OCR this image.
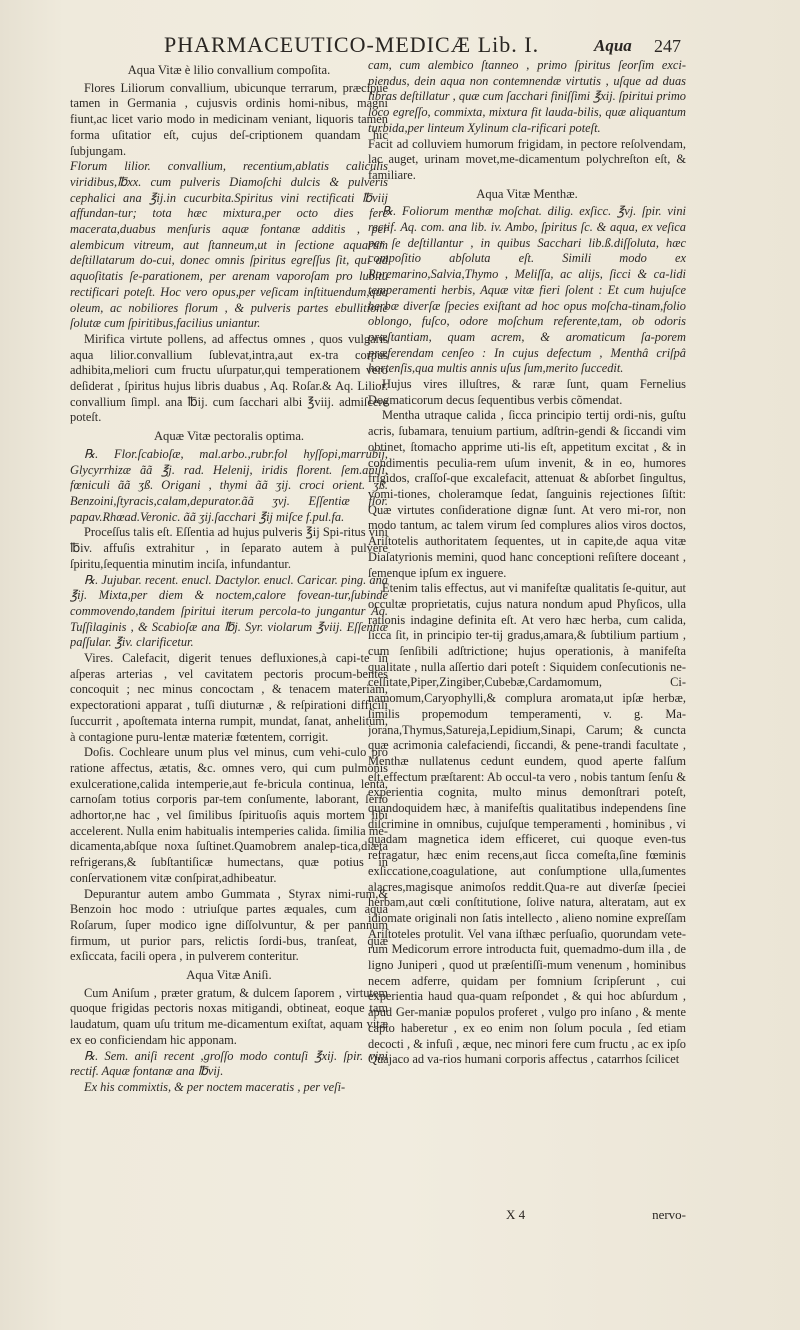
PHARMACEUTICO-MEDICÆ Lib. I.	Aqua 247

Aqua Vitæ è lilio convallium compoſita.

Flores Liliorum convallium, ubicunque terrarum, præcipue tamen in Germania , cujusvis ordinis homi-nibus, magni fiunt,ac licet vario modo in medicinam veniant, liquoris tamen forma uſitatior eſt, cujus deſ-criptionem quandam hic ſubjungam.

Florum lilior. convallium, recentium,ablatis caliculis viridibus,℔xx. cum pulveris Diamoſchi dulcis & pulveris cephalici ana ℥ij.in cucurbita.Spiritus vini rectificati ℔viij affundan-tur; tota hæc mixtura,per octo dies fere macerata,duabus menſuris aquæ fontanæ additis , per alembicum vitreum, aut ſtanneum,ut in ſectione aquarum deſtillatarum do-cui, donec omnis ſpiritus egreſſus ſit, qui ad aquoſitatis ſe-parationem, per arenam vaporoſam pro lubitu rectificari poteſt. Hoc vero opus,per veſicam inſtituendum,quo oleum, ac nobiliores florum , & pulveris partes ebullitione ſolutæ cum ſpiritibus,facilius uniantur.

Mirifica virtute pollens, ad affectus omnes , quos vulgaris aqua lilior.convallium ſublevat,intra,aut ex-tra corpus adhibita,meliori cum fructu uſurpatur,qui temperationem vero deſiderat , ſpiritus hujus libris duabus , Aq. Roſar.& Aq. Lilior. convallium ſimpl. ana ℔ij. cum ſacchari albi ℥viij. admiſcere poteſt.

Aquæ Vitæ pectoralis optima.

℞. Flor.ſcabioſæ, mal.arbo.,rubr.fol hyſſopi,marrubij, Glycyrrhizæ ãã ℥j. rad. Helenij, iridis florent. ſem.aniſi, fœniculi ãã ʒß. Origani , thymi ãã ʒij. croci orient. ʒß. Benzoini,ſtyracis,calam,depurator.ãã ʒvj. Eſſentiæ flor. papav.Rhœad.Veronic. ãã ʒij.ſacchari ℥ij miſce f.pul.fa.

Proceſſus talis eſt. Eſſentia ad hujus pulveris ℥ij Spi-ritus vini ℔iv. affuſis extrahitur , in ſeparato autem à pulvere ſpiritu,ſequentia minutim inciſa, infundantur.

℞. Jujubar. recent. enucl. Dactylor. enucl. Caricar. ping. ana ℥ij. Mixta,per diem & noctem,calore fovean-tur,ſubinde commovendo,tandem ſpiritui iterum percola-to jungantur Aq. Tuſſilaginis , & Scabioſæ ana ℔j. Syr. violarum ℥viij. Eſſentiæ paſſular. ℥iv. clarificetur.

Vires. Calefacit, digerit tenues defluxiones,à capi-te in aſperas arterias , vel cavitatem pectoris procum-bentes concoquit ; nec minus concoctam , & tenacem materiam, expectorationi apparat , tuſſi diuturnæ , & reſpirationi difficili ſuccurrit , apoſtemata interna rumpit, mundat, ſanat, anhelitum, à contagione puru-lentæ materiæ fœtentem, corrigit.

Doſis. Cochleare unum plus vel minus, cum vehi-culo pro ratione affectus, ætatis, &c. omnes vero, qui cum pulmonis exulceratione,calida intemperie,aut fe-bricula continua, lenta, carnoſam totius corporis par-tem conſumente, laborant, ſerio adhortor,ne hac , vel ſimilibus ſpirituoſis aquis mortem ſibi accelerent. Nulla enim habitualis intemperies calida. ſimilia me-dicamenta,abſque noxa ſuſtinet.Quamobrem analep-tica,diæta refrigerans,& ſubſtantiſicæ humectans, quæ potius in conſervationem vitæ conſpirat,adhibeatur.

Depurantur autem ambo Gummata , Styrax nimi-rum,& Benzoin hoc modo : utriuſque partes æquales, cum aqua Roſarum, ſuper modico igne diſſolvuntur, & per pannum firmum, ut purior pars, relictis ſordi-bus, tranſeat, quæ exſiccata, facili opera , in pulverem conteritur.

Aqua Vitæ Aniſi.

Cum Aniſum , præter gratum, & dulcem ſaporem , virtutem quoque frigidas pectoris noxas mitigandi, obtineat, eoque tam laudatum, quam uſu tritum me-dicamentum exiſtat, aquam vitæ ex eo conficiendam hic apponam.

℞. Sem. aniſi recent ,groſſo modo contuſi ℥xij. ſpir. vini rectif. Aquæ fontanæ ana ℔vij.

Ex his commixtis, & per noctem maceratis , per veſi-

cam, cum alembico ſtanneo , primo ſpiritus ſeorſim exci-piendus, dein aqua non contemnendæ virtutis , uſque ad duas libras deſtillatur , quæ cum ſacchari finiſſimi ℥xij. ſpiritui primo loco egreſſo, commixta, mixtura fit lauda-bilis, quæ aliquantum turbida,per linteum Xylinum cla-rificari poteſt.

Facit ad colluviem humorum frigidam, in pectore reſolvendam, lac auget, urinam movet,me-dicamentum polychreſton eſt, & familiare.

Aqua Vitæ Menthæ.

℞. Foliorum menthæ moſchat. dilig. exſicc. ℥vj. ſpir. vini rectif. Aq. com. ana lib. iv. Ambo, ſpiritus ſc. & aqua, ex veſica per ſe deſtillantur , in quibus Sacchari lib.ß.diſſoluta, hæc compoſitio abſoluta eſt. Simili modo ex Roremarino,Salvia,Thymo , Meliſſa, ac alijs, ſicci & ca-lidi temperamenti herbis, Aquæ vitæ fieri ſolent : Et cum hujuſce herbæ diverſæ ſpecies exiſtant ad hoc opus moſcha-tinam,folio oblongo, fuſco, odore moſchum referente,tam, ob odoris præſtantiam, quam acrem, & aromaticum ſa-porem præferendam cenſeo : In cujus defectum , Menthâ criſpâ hortenſis,qua multis annis uſus ſum,merito ſuccedit.

Hujus vires illuſtres, & raræ ſunt, quam Fernelius Dogmaticorum decus ſequentibus verbis cõmendat.

Mentha utraque calida , ſicca principio tertij ordi-nis, guſtu acris, ſubamara, tenuium partium, adſtrin-gendi & ſiccandi vim obtinet, ſtomacho apprime uti-lis eſt, appetitum excitat , & in condimentis peculia-rem uſum invenit, & in eo, humores frigidos, craſſoſ-que excalefacit, attenuat & abſorbet ſingultus, vomi-tiones, choleramque ſedat, ſanguinis rejectiones ſiſtit: Quæ virtutes conſideratione dignæ ſunt. At vero mi-ror, non modo tantum, ac talem virum ſed complures alios viros doctos, Ariſtotelis authoritatem ſequentes, ut in capite,de aqua vitæ Diaſatyrionis memini, quod hanc conceptioni reſiſtere doceant , ſemenque ipſum ex inguere.

Etenim talis effectus, aut vi manifeſtæ qualitatis ſe-quitur, aut occultæ proprietatis, cujus natura nondum apud Phyſicos, ulla rationis indagine definita eſt. At vero hæc herba, cum calida, ſicca ſit, in principio ter-tij gradus,amara,& ſubtilium partium , cum ſenſibili adſtrictione; hujus operationis, à manifeſta qualitate , nulla aſſertio dari poteſt : Siquidem conſecutionis ne-ceſſitate,Piper,Zingiber,Cubebæ,Cardamomum, Ci-namomum,Caryophylli,& complura aromata,ut ipſæ herbæ, ſimilis propemodum temperamenti, v. g. Ma-jorana,Thymus,Satureja,Lepidium,Sinapi, Carum; & cuncta quæ acrimonia calefaciendi, ſiccandi, & pene-trandi facultate , Menthæ nullatenus cedunt eundem, quod aperte falſum eſt,effectum præſtarent: Ab occul-ta vero , nobis tantum ſenſu & experientia cognita, multo minus demonſtrari poteſt, quandoquidem hæc, à manifeſtis qualitatibus independens ſine diſcrimine in omnibus, cujuſque temperamenti , hominibus , vi quadam magnetica idem efficeret, cui quoque even-tus refragatur, hæc enim recens,aut ſicca comeſta,ſine fœminis exſiccatione,coagulatione, aut conſumptione ulla,ſumentes alacres,magisque animoſos reddit.Qua-re aut diverſæ ſpeciei herbam,aut cœli conſtitutione, ſolive natura, alteratam, aut ex idiomate originali non ſatis intellecto , alieno nomine expreſſam Ariſtoteles protulit. Vel vana iſthæc perſuaſio, quorundam vete-rum Medicorum errore introducta fuit, quemadmo-dum illa , de ligno Juniperi , quod ut præſentiſſi-mum venenum , hominibus necem adferre, quidam per fomnium ſcripſerunt , cui experientia haud qua-quam reſpondet , & qui hoc abſurdum , apud Ger-maniæ populos proferet , vulgo pro inſano , & mente capto haberetur , ex eo enim non ſolum pocula , ſed etiam decocti , & infuſi , æque, nec minori fere cum fructu , ac ex ipſo Quajaco ad va-rios humani corporis affectus , catarrhos ſcilicet

X 4	nervo-
